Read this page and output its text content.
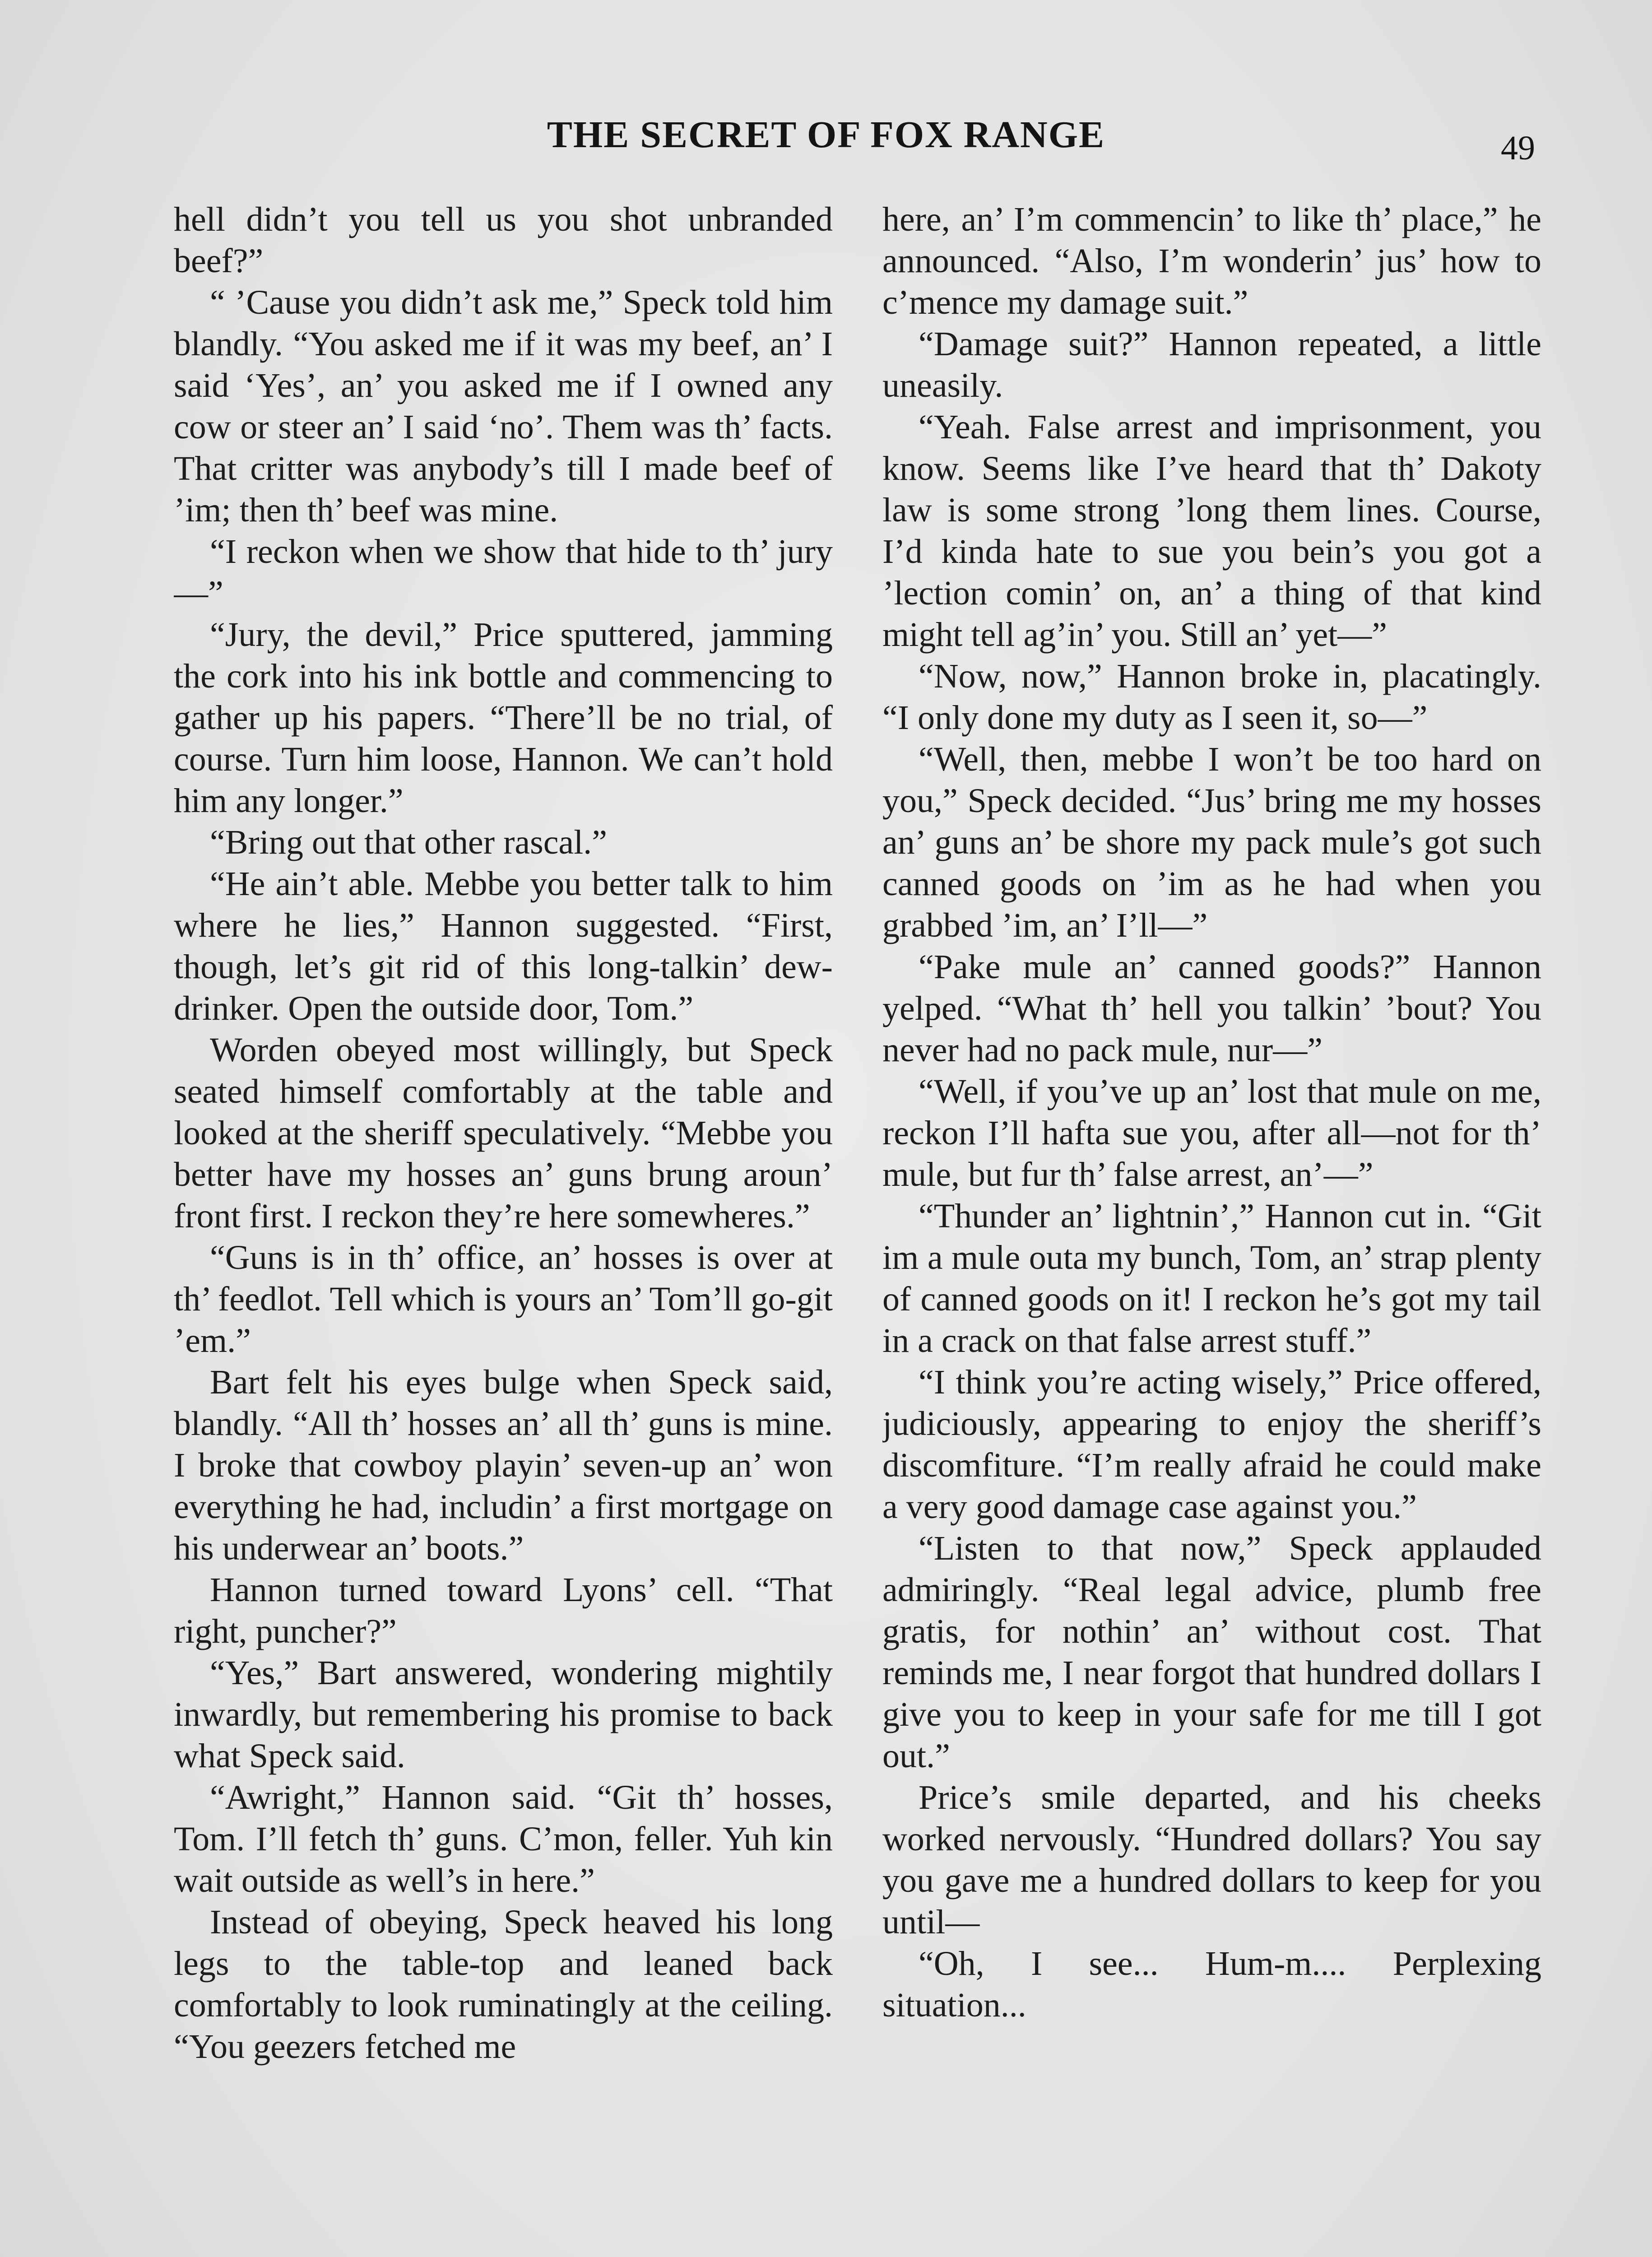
THE SECRET OF FOX RANGE	49

hell didn’t you tell us you shot unbranded beef?”

“ ’Cause you didn’t ask me,” Speck told him blandly. “You asked me if it was my beef, an’ I said ‘Yes’, an’ you asked me if I owned any cow or steer an’ I said ‘no’. Them was th’ facts. That critter was anybody’s till I made beef of ’im; then th’ beef was mine.

“I reckon when we show that hide to th’ jury—”

“Jury, the devil,” Price sputtered, jamming the cork into his ink bottle and commencing to gather up his papers. “There’ll be no trial, of course. Turn him loose, Hannon. We can’t hold him any longer.”

“Bring out that other rascal.”

“He ain’t able. Mebbe you better talk to him where he lies,” Hannon suggested. “First, though, let’s git rid of this long-talkin’ dew-drinker. Open the outside door, Tom.”

Worden obeyed most willingly, but Speck seated himself comfortably at the table and looked at the sheriff speculatively. “Mebbe you better have my hosses an’ guns brung aroun’ front first. I reckon they’re here somewheres.”

“Guns is in th’ office, an’ hosses is over at th’ feedlot. Tell which is yours an’ Tom’ll go-git ’em.”

Bart felt his eyes bulge when Speck said, blandly. “All th’ hosses an’ all th’ guns is mine. I broke that cowboy playin’ seven-up an’ won everything he had, includin’ a first mortgage on his underwear an’ boots.”

Hannon turned toward Lyons’ cell. “That right, puncher?”

“Yes,” Bart answered, wondering mightily inwardly, but remembering his promise to back what Speck said.

“Awright,” Hannon said. “Git th’ hosses, Tom. I’ll fetch th’ guns. C’mon, feller. Yuh kin wait outside as well’s in here.”

Instead of obeying, Speck heaved his long legs to the table-top and leaned back comfortably to look ruminatingly at the ceiling. “You geezers fetched me

here, an’ I’m commencin’ to like th’ place,” he announced. “Also, I’m wonderin’ jus’ how to c’mence my damage suit.”

“Damage suit?” Hannon repeated, a little uneasily.

“Yeah. False arrest and imprisonment, you know. Seems like I’ve heard that th’ Dakoty law is some strong ’long them lines. Course, I’d kinda hate to sue you bein’s you got a ’lection comin’ on, an’ a thing of that kind might tell ag’in’ you. Still an’ yet—”

“Now, now,” Hannon broke in, placatingly. “I only done my duty as I seen it, so—”

“Well, then, mebbe I won’t be too hard on you,” Speck decided. “Jus’ bring me my hosses an’ guns an’ be shore my pack mule’s got such canned goods on ’im as he had when you grabbed ’im, an’ I’ll—”

“Pake mule an’ canned goods?” Hannon yelped. “What th’ hell you talkin’ ’bout? You never had no pack mule, nur—”

“Well, if you’ve up an’ lost that mule on me, reckon I’ll hafta sue you, after all—not for th’ mule, but fur th’ false arrest, an’—”

“Thunder an’ lightnin’,” Hannon cut in. “Git im a mule outa my bunch, Tom, an’ strap plenty of canned goods on it! I reckon he’s got my tail in a crack on that false arrest stuff.”

“I think you’re acting wisely,” Price offered, judiciously, appearing to enjoy the sheriff’s discomfiture. “I’m really afraid he could make a very good damage case against you.”

“Listen to that now,” Speck applauded admiringly. “Real legal advice, plumb free gratis, for nothin’ an’ without cost. That reminds me, I near forgot that hundred dollars I give you to keep in your safe for me till I got out.”

Price’s smile departed, and his cheeks worked nervously. “Hundred dollars? You say you gave me a hundred dollars to keep for you until—

“Oh, I see... Hum-m.... Perplexing situation...
